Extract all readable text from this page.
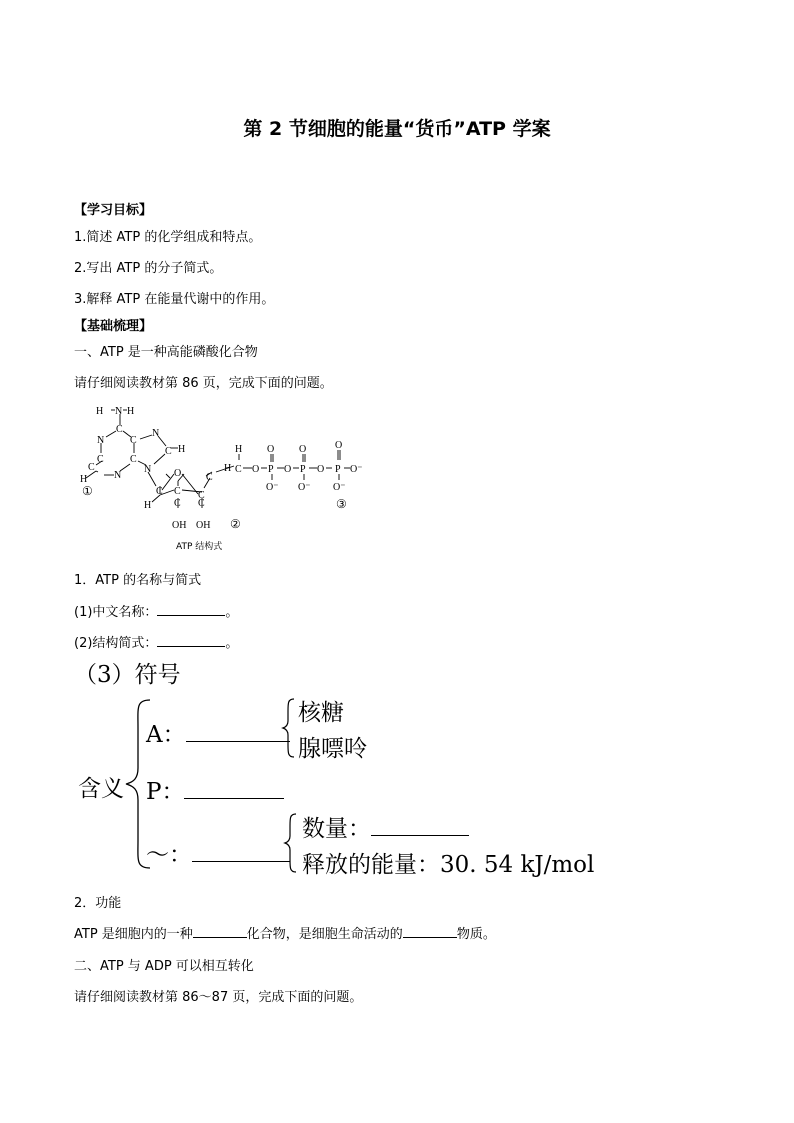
第 2 节细胞的能量“货币”ATP 学案
【学习目标】
1.简述 ATP 的化学组成和特点。
2.写出 ATP 的分子简式。
3.解释 ATP 在能量代谢中的作用。
【基础梳理】
一、ATP 是一种高能磷酸化合物
请仔细阅读教材第 86 页，完成下面的问题。
H N H
C
N	C
C	C
N
C H
N
N
C
H
O
C C C
C
H C C
OH OH
H
H C O
O
P
O⁻
O
O
P
O⁻
O
O
P
O⁻
O⁻
①
②
③
ATP 结构式
1．ATP 的名称与简式
(1)中文名称：	。
(2)结构简式：	。
（3）符号
含义
A：
核糖
腺嘌呤
P：
～：
数量：
释放的能量：30. 54 kJ/mol
2．功能
ATP 是细胞内的一种	化合物，是细胞生命活动的	物质。
二、ATP 与 ADP 可以相互转化
请仔细阅读教材第 86～87 页，完成下面的问题。
